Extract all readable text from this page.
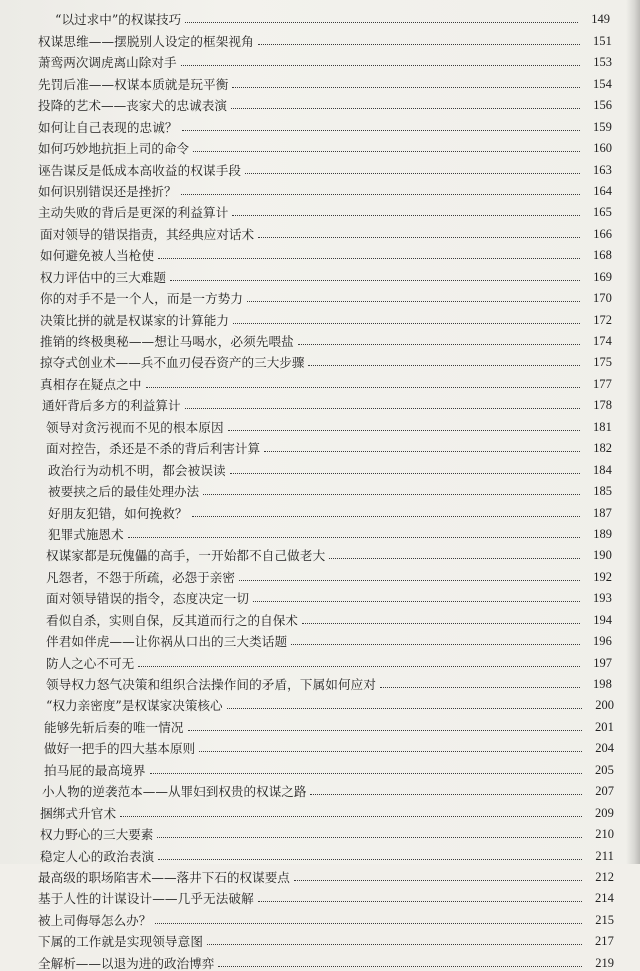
“以过求中”的权谋技巧	149
权谋思维——摆脱别人设定的框架视角	151
萧鸾两次调虎离山除对手	153
先罚后准——权谋本质就是玩平衡	154
投降的艺术——丧家犬的忠诚表演	156
如何让自己表现的忠诚？	159
如何巧妙地抗拒上司的命令	160
诬告谋反是低成本高收益的权谋手段	163
如何识别错误还是挫折？	164
主动失败的背后是更深的利益算计	165
面对领导的错误指责，其经典应对话术	166
如何避免被人当枪使	168
权力评估中的三大难题	169
你的对手不是一个人，而是一方势力	170
决策比拼的就是权谋家的计算能力	172
推销的终极奥秘——想让马喝水，必须先喂盐	174
掠夺式创业术——兵不血刃侵吞资产的三大步骤	175
真相存在疑点之中	177
通奸背后多方的利益算计	178
领导对贪污视而不见的根本原因	181
面对控告，杀还是不杀的背后利害计算	182
政治行为动机不明，都会被误读	184
被要挟之后的最佳处理办法	185
好朋友犯错，如何挽救？	187
犯罪式施恩术	189
权谋家都是玩傀儡的高手，一开始都不自己做老大	190
凡怨者，不怨于所疏，必怨于亲密	192
面对领导错误的指令，态度决定一切	193
看似自杀，实则自保，反其道而行之的自保术	194
伴君如伴虎——让你祸从口出的三大类话题	196
防人之心不可无	197
领导权力怒气决策和组织合法操作间的矛盾，下属如何应对	198
“权力亲密度”是权谋家决策核心	200
能够先斩后奏的唯一情况	201
做好一把手的四大基本原则	204
拍马屁的最高境界	205
小人物的逆袭范本——从罪妇到权贵的权谋之路	207
捆绑式升官术	209
权力野心的三大要素	210
稳定人心的政治表演	211
最高级的职场陷害术——落井下石的权谋要点	212
基于人性的计谋设计——几乎无法破解	214
被上司侮辱怎么办？	215
下属的工作就是实现领导意图	217
全解析——以退为进的政治博弈	219
